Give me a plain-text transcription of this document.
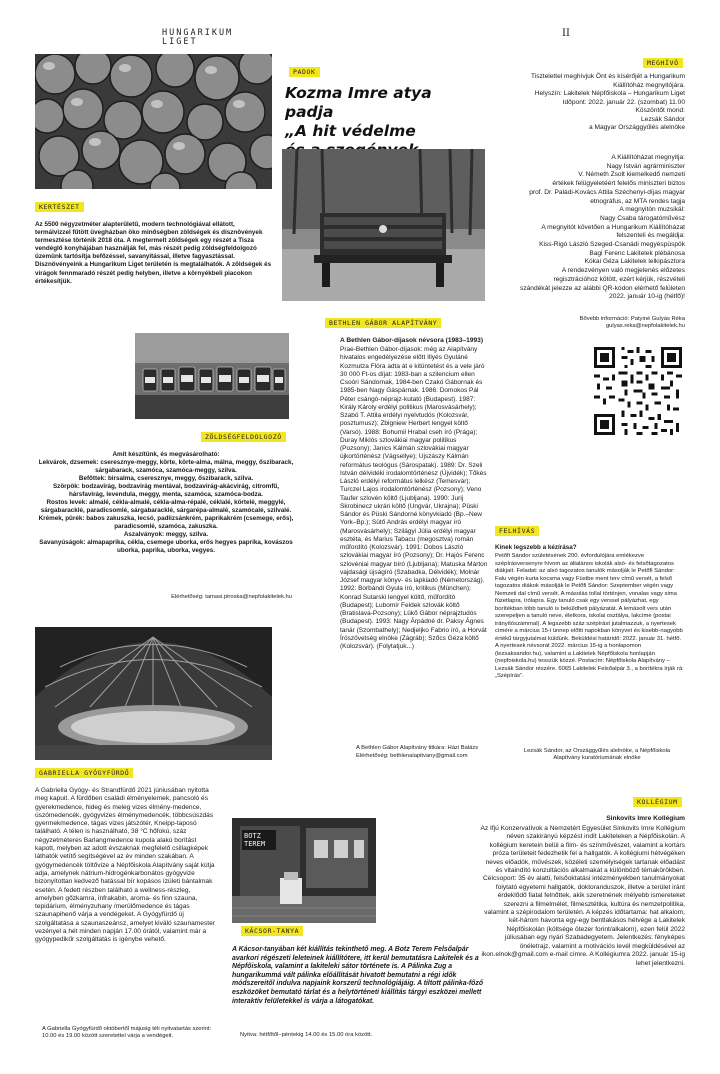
HUNGARIKUM
LIGET
II
KERTÉSZET
Az 5500 négyzetméter alapterületű, modern technológiával ellátott, termálvízzel fűtött üvegházban öko minőségben zöldségek és dísznövények termesztése történik 2018 óta. A megtermelt zöldségek egy részét a Tisza vendéglő konyhájában használják fel, más részét pedig zöldségfeldolgozó üzemünk tartósítja befőzéssel, savanyítással, illetve fagyasztással. Disznövényeink a Hungarikum Liget területén is megtalálhatók. A zöldségek és virágok fennmaradó részét pedig helyben, illetve a környékbeli piacokon értékesítjük.
ZÖLDSÉGFELDOLGOZÓ

Amit készítünk, és megvásárolható:

Lekvárok, dzsemek: cseresznye-meggy, körte, körte-alma, málna, meggy, őszibarack, sárgabarack, szamóca, szamóca-meggy, szilva.

Befőttek: birsalma, cseresznye, meggy, őszibarack, szilva.

Szörpök: bodzavirág, bodzavirág mentával, bodzavirág-akácvirág, citromfű, hársfavirág, levendula, meggy, menta, szamóca, szamóca-bodza.

Rostos levek: almalé, cékla-almalé, cékla-alma-répalé, céklalé, körtelé, meggylé, sárgabaracklé, paradicsomlé, sárgabaracklé, sárgarépa-almalé, szamócalé, szilvalé.

Krémek, pürék: babos zakuszka, lecsó, padlizsánkrém, paprikakrém (csemege, erős), paradicsomlé, szamóca, zakuszka.

Aszalványok: meggy, szilva.

Savanyúságok: almapaprika, cékla, csemege uborka, erős hegyes paprika, kovászos uborka, paprika, uborka, vegyes.

Elérhetőség: tamasi.piroska@nepfolakitelek.hu
GABRIELLA GYÓGYFÜRDŐ
A Gabriella Gyógy- és Strandfürdő 2021 júniusában nyitotta meg kapuit. A fürdőben családi élményelemek, pancsoló és gyerekmedence, hideg és meleg vizes élmény-medence, úszómedencék, gyógyvizes élménymedencék, többcsúszdás gyermekmedence, tágas vizes játszótér, Kneipp-taposó található. A télen is használható, 38 °C hőfokú, száz négyzetméteres Barlangmedence kupola alakú borítást kapott, melyben az adott évszaknak megfelelő csillagképek láthatók vetítő segítségével az év minden szakában. A gyógymedencék töltővize a Népfőiskola Alapítvány saját kútja adja, amelynek nátrium-hidrogénkarbonátos gyógyvize bizonyítottan kedvező hatással bír kopásos ízületi bántalmak esetén. A fedett részben található a wellness-részleg, amelyben gőzkamra, infrakabin, aroma- és finn szauna, tepidárium, élményzuhany /merülőmedence és tágas szaunapihenő várja a vendégeket. A Gyógyfürdő új szolgáltatása a szaunaszeánsz, amelyet kiváló szaunamester vezényel a hét minden napján 17.00 órától, valamint már a gyógypedikűr szolgáltatás is igénybe vehető.
A Gabriella Gyógyfürdő októbertől májusig téli nyitvatartás szerint: 10.00 és 19.00 között szeretettel várja a vendégeit.
PADOK
Kozma Imre atya padja
„A hit védelme

BETHLEN GÁBOR ALAPÍTVÁNY
A Bethlen Gábor-díjasok névsora (1983–1993)
Prae-Bethlen Gábor-díjasok: még az Alapítvány hivatalos engedélyezése előtt Illyés Gyuláné Kozmutza Flóra adta át e kitüntetést és a vele járó 30 000 Ft-os díjat: 1983-ban a szilencium ellen Csoóri Sándornak, 1984-ben Czakó Gábornak és 1985-ben Nagy Gáspárnak. 1986: Domokos Pál Péter csángó-néprajz-kutató (Budapest). 1987: Király Károly erdélyi politikus (Marosvásárhely); Szabó T. Attila erdélyi nyelvtudós (Kolozsvár, posztumusz); Zbigniew Herbert lengyel költő (Varsó). 1988: Bohumil Hrabal cseh író (Prága); Duray Miklós szlovákiai magyar politikus (Pozsony); Janics Kálmán szlovákiai magyar újkortörténész (Vágsellye); Ujszászy Kálmán református teológus (Sárospatak). 1989: Dr. Szeli István délvidéki irodalomtörténész (Újvidék); Tőkés László erdélyi református lelkész (Temesvár); Turczel Lajos irodalomtörténész (Pozsony); Veno Taufer szlovén költő (Ljubljana). 1990: Jurij Skrobinecz ukrán költő (Ungvár, Ukrajna); Püski Sándor és Püski Sándorné könyvkiadó (Bp.–New York–Bp.); Sütő András erdélyi magyar író (Marosvásárhely); Szilágyi Júlia erdélyi magyar esztéta, és Marius Tabacu (megosztva) román műfordító (Kolozsvár). 1991: Dobos László szlovákiai magyar író (Pozsony); Dr. Hajós Ferenc szlovéniai magyar bíró (Ljubljana); Matuska Márton vajdasági újságíró (Szabadka, Délvidék); Molnár József magyar könyv- és lapkiadó (Németország). 1992: Borbándi Gyula író, kritikus (München); Konrad Sutarski lengyel költő, műfordító (Budapest); Lubomír Feldek szlovák költő (Bratislava-Pozsony); Lükő Gábor néprajztudós (Budapest). 1993: Nagy Árpádné dr. Paksy Ágnes tanár (Szombathely); Nedjeljko Fabrio író, a Horvát Írószövetség elnöke (Zágráb); Szőcs Géza költő (Kolozsvár). (Folytatjuk...)
A Bethlen Gábor Alapítvány titkára: Házi Balázs
Elérhetőség: bethlenalapitvany@gmail.com
BOTZ TEREM
KÁCSOR-TANYA
A Kácsor-tanyában két kiállítás tekinthető meg. A Botz Terem Felsőalpár avarkori régészeti leleteinek kiállítótere, itt kerül bemutatásra Lakitelek és a Népfőiskola, valamint a lakiteleki sátor története is. A Pálinka Zug a hungarikummá vált pálinka előállítását hivatott bemutatni a régi idők módszereitől indulva napjaink korszerű technológiájáig. A tiltott pálinka-főző eszközöket bemutató tárlat és a helytörténeti kiállítás tárgyi eszközei mellett interaktív felületekkel is várja a látogatókat.
Nyitva: hétfőtől–péntekig 14.00 és 15.00 óra között.
MEGHÍVÓ

Tisztelettel meghívjuk Önt és kísérőjét a Hungarikum

Kiállítóház megnyitójára.

Helyszín: Lakitelek Népfőiskola – Hungarikum Liget

Időpont: 2022. január 22. (szombat) 11.00

Köszöntőt mond:

Lezsák Sándor

a Magyar Országgyűlés alelnöke

A Kiállítóházat megnyitja:

Nagy István agrárminiszter

V. Németh Zsolt kiemelkedő nemzeti

értékek felügyeletéért felelős miniszteri biztos

prof. Dr. Paládi-Kovács Attila Széchenyi-díjas magyar

etnográfus, az MTA rendes tagja

A megnyitón muzsikál:

Nagy Csaba tárogatóművész

A megnyitót követően a Hungarikum Kiállítóházat

felszenteli és megáldja:

Kiss-Rigó László Szeged-Csanádi megyéspüspök

Bagi Ferenc Lakitelek plébánosa

Kókai Géza Lakitelek lelkipásztora

A rendezvényen való megjelenés előzetes

regisztrációhoz kötött, ezért kérjük, részvételi

szándékát jelezze az alábbi QR-kódon elérhető felületen

2022. január 10-ig (hétfő)!

Bővebb információ: Patyiné Gulyás Réka

gulyas.reka@nepfolakitelek.hu

FELHÍVÁS
Kinek legszebb a kézírása?
Petőfi Sándor születésének 200. évfordulójára emlékezve szépírásversenyre hívom az általános iskolák alsó- és felsőtagozatos diákjait. Feladat: az alsó tagozatos tanulók másolják le Petőfi Sándor: Falu végén kurta kocsma vagy Füstbe ment terv című versét, a felső tagozatos diákok másolják le Petőfi Sándor: Szeptember végén vagy Nemzeti dal című versét. A másolás tollal történjen, vonalas vagy sima füzetlapra, írólapra. Egy tanuló csak egy verssel pályázhat, egy borítékban több tanuló is beküldheti pályázatát. A lemásolt vers után szerepeljen a tanuló neve, életkora, iskolai osztálya, lakcíme (postai irányítószámmal). A legszebb száz szépírást jutalmazzuk, a nyertesek címére a március 15-i ünnep előtti napokban könyvet és kisebb-nagyobb értékű tárgyjutalmat küldünk. Beküldési határidő: 2022. január 31. hétfő. A nyertesek névsorát 2022. március 15-ig a honlapomon (lezsaksandor.hu), valamint a Lakitelek Népfőiskola honlapján (nepfoiskola.hu) tesszük közzé. Postacím: Népfőiskola Alapítvány – Lezsák Sándor részére. 6065 Lakitelek Felsőalpár 3., a borítékra írják rá: „Szépírás”.
Lezsák Sándor, az Országgyűlés alelnöke, a Népfőiskola Alapítvány kuratóriumának elnöke
KOLLÉGIUM
Sinkovits Imre Kollégium
Az Ifjú Konzervatívok a Nemzetért Egyesület Sinkovits Imre Kollégium néven szakirányú képzést indít Lakiteleken a Népfőiskolán. A kollégium keretein belül a film- és színművészet, valamint a kortárs próza területeit fedezhetik fel a hallgatók. A kollégiumi hétvégéken neves előadók, művészek, közéleti személyiségek tartanak előadást és vitaindító konzultációs alkalmakat a különböző témakörökben. Célcsoport: 35 év alatti, felsőoktatási intézményekben tanulmányokat folytató egyetemi hallgatók, doktoranduszok, illetve a terület iránt érdeklődő fiatal felnőttek, akik szeretnének mélyebb ismereteket szerezni a filmelmélet, filmesztétika, kultúra és nemzetpolitika, valamint a szépirodalom területén. A képzés időtartama: hat alkalom, két-három havonta egy-egy bentlakásos hétvége a Lakitelek Népfőiskolán (költsége ötezer forint/alkalom), ezen felül 2022 júliusában egy nyári Szabadegyetem. Jelentkezés: fényképes önéletrajz, valamint a motivációs levél megküldésével az ikon.elnok@gmail.com e-mail címre. A Kollégiumra 2022. január 15-ig lehet jelentkezni.
